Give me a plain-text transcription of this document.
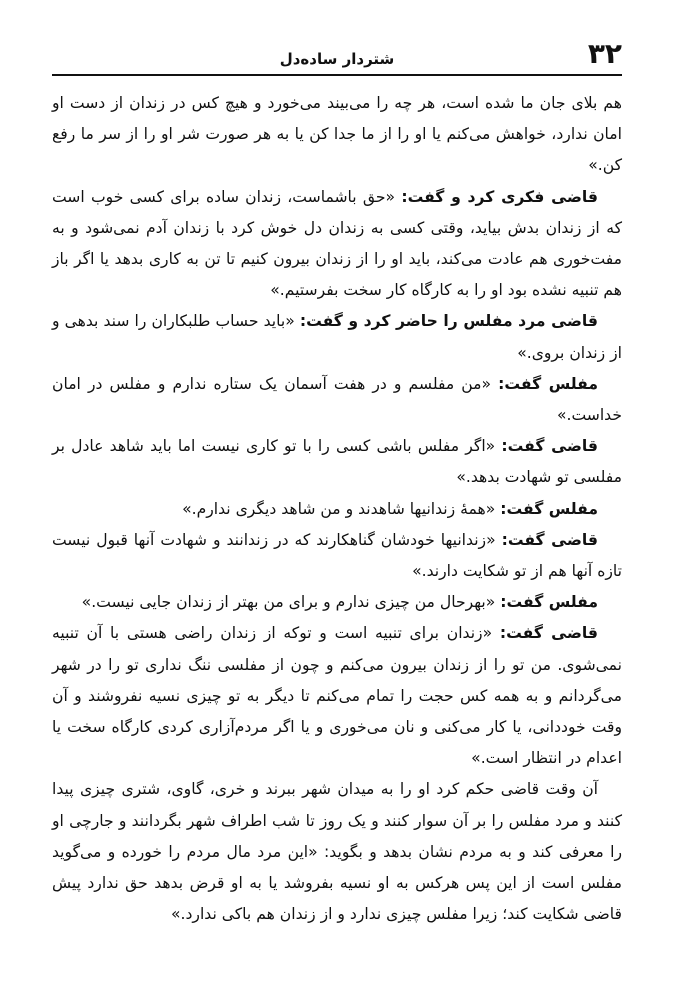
۳۲
شتردار ساده‌دل

هم بلای جان ما شده است، هر چه را می‌بیند می‌خورد و هیچ کس در زندان از دست او امان ندارد، خواهش می‌کنم یا او را از ما جدا کن یا به هر صورت شر او را از سر ما رفع کن.»

قاضی فکری کرد و گفت: «حق باشماست، زندان ساده برای کسی خوب است که از زندان بدش بیاید، وقتی کسی به زندان دل خوش کرد با زندان آدم نمی‌شود و به مفت‌خوری هم عادت می‌کند، باید او را از زندان بیرون کنیم تا تن به کاری بدهد یا اگر باز هم تنبیه نشده بود او را به کارگاه کار سخت بفرستیم.»

قاضی مرد مفلس را حاضر کرد و گفت: «باید حساب طلبکاران را سند بدهی و از زندان بروی.»

مفلس گفت: «من مفلسم و در هفت آسمان یک ستاره ندارم و مفلس در امان خداست.»

قاضی گفت: «اگر مفلس باشی کسی را با تو کاری نیست اما باید شاهد عادل بر مفلسی تو شهادت بدهد.»

مفلس گفت: «همهٔ زندانیها شاهدند و من شاهد دیگری ندارم.»

قاضی گفت: «زندانیها خودشان گناهکارند که در زندانند و شهادت آنها قبول نیست تازه آنها هم از تو شکایت دارند.»

مفلس گفت: «بهرحال من چیزی ندارم و برای من بهتر از زندان جایی نیست.»

قاضی گفت: «زندان برای تنبیه است و توکه از زندان راضی هستی با آن تنبیه نمی‌شوی. من تو را از زندان بیرون می‌کنم و چون از مفلسی ننگ نداری تو را در شهر می‌گردانم و به همه کس حجت را تمام می‌کنم تا دیگر به تو چیزی نسیه نفروشند و آن وقت خوددانی، یا کار می‌کنی و نان می‌خوری و یا اگر مردم‌آزاری کردی کارگاه سخت یا اعدام در انتظار است.»

آن وقت قاضی حکم کرد او را به میدان شهر ببرند و خری، گاوی، شتری چیزی پیدا کنند و مرد مفلس را بر آن سوار کنند و یک روز تا شب اطراف شهر بگردانند و جارچی او را معرفی کند و به مردم نشان بدهد و بگوید: «این مرد مال مردم را خورده و می‌گوید مفلس است از این پس هرکس به او نسیه بفروشد یا به او قرض بدهد حق ندارد پیش قاضی شکایت کند؛ زیرا مفلس چیزی ندارد و از زندان هم باکی ندارد.»
